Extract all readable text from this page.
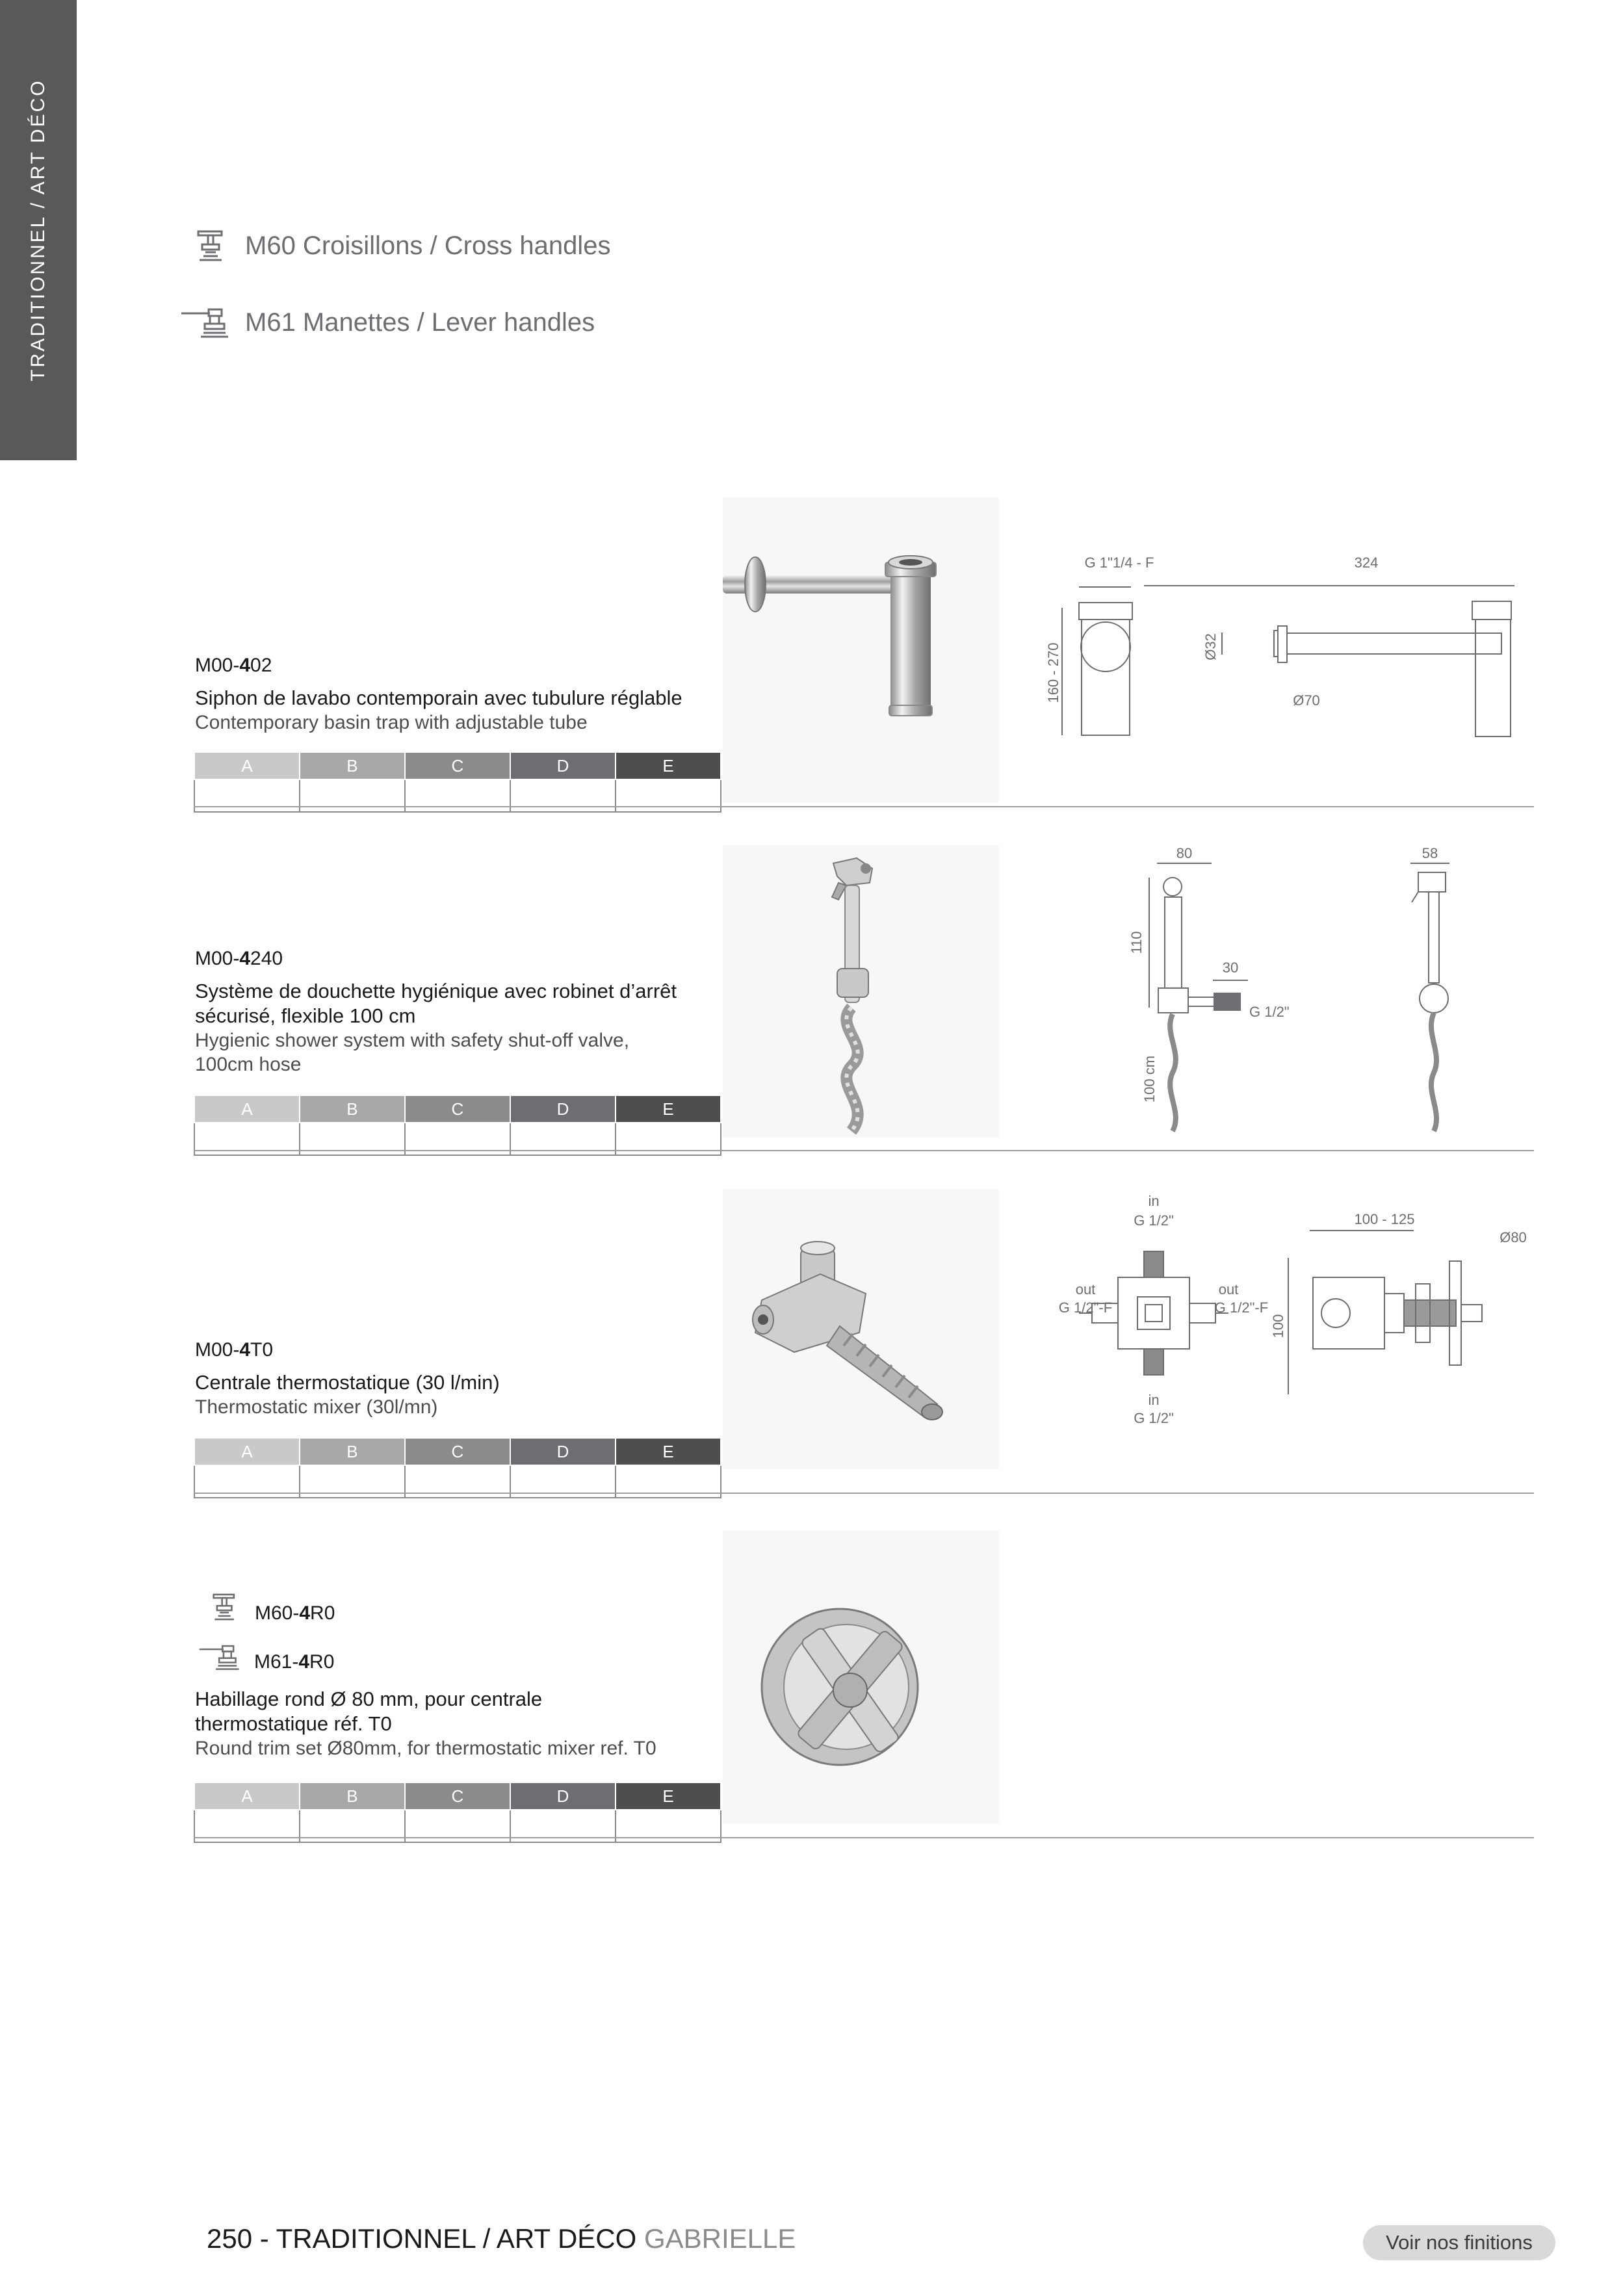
TRADITIONNEL / ART DÉCO	M60 Croisillons / Cross handles
M61 Manettes / Lever handles
M00-402
Siphon de lavabo contemporain avec tubulure réglable
Contemporary basin trap with adjustable tube
A	B	C	D	E

G 1"1/4 - F
160 - 270
324
Ø32
Ø70
M00-4240
Système de douchette hygiénique avec robinet d’arrêt sécurisé, flexible 100 cm
Hygienic shower system with safety shut-off valve, 100cm hose
A	B	C	D	E

80
110
30
G 1/2"
100 cm
58
M00-4T0
Centrale thermostatique (30 l/min)
Thermostatic mixer (30l/mn)
A	B	C	D	E

in
G 1/2"
out
G 1/2"-F
out
G 1/2"-F
in
G 1/2"
100 - 125
Ø80
100
M60-4R0
M61-4R0
Habillage rond Ø 80 mm, pour centrale thermostatique réf. T0
Round trim set Ø80mm, for thermostatic mixer ref. T0
A	B	C	D	E

250 - TRADITIONNEL / ART DÉCO GABRIELLE	Voir nos finitions
